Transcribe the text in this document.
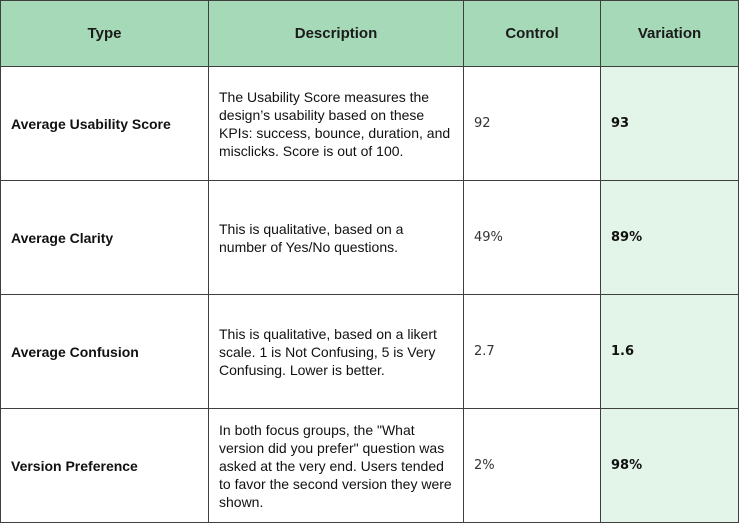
Type	Description	Control	Variation
Average Usability Score	The Usability Score measures the design’s usability based on these KPIs: success, bounce, duration, and misclicks. Score is out of 100.	92	93
Average Clarity	This is qualitative, based on a number of Yes/No questions.	49%	89%
Average Confusion	This is qualitative, based on a likert scale. 1 is Not Confusing, 5 is Very Confusing. Lower is better.	2.7	1.6
Version Preference	In both focus groups, the "What version did you prefer" question was asked at the very end. Users tended to favor the second version they were shown.	2%	98%
